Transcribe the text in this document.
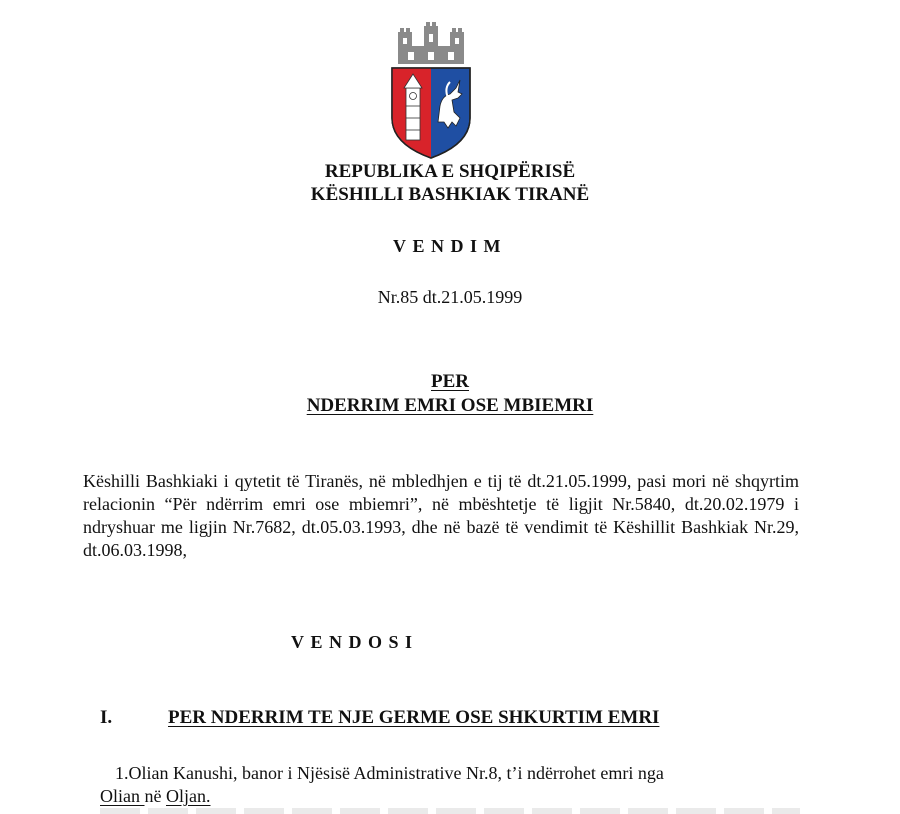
REPUBLIKA E SHQIPËRISË
KËSHILLI BASHKIAK TIRANË
VENDIM
Nr.85 dt.21.05.1999
PER
NDERRIM EMRI OSE MBIEMRI

Këshilli Bashkiaki i qytetit të Tiranës, në mbledhjen e tij të dt.21.05.1999, pasi mori në shqyrtim relacionin “Për ndërrim emri ose mbiemri”, në mbështetje të ligjit Nr.5840, dt.20.02.1979 i ndryshuar me ligjin Nr.7682, dt.05.03.1993, dhe në bazë të vendimit të Këshillit Bashkiak Nr.29, dt.06.03.1998,

VENDOSI
I.	PER NDERRIM TE NJE GERME OSE SHKURTIM EMRI

1.Olian Kanushi, banor i Njësisë Administrative Nr.8, t’i ndërrohet emri nga

Olian në Oljan.
